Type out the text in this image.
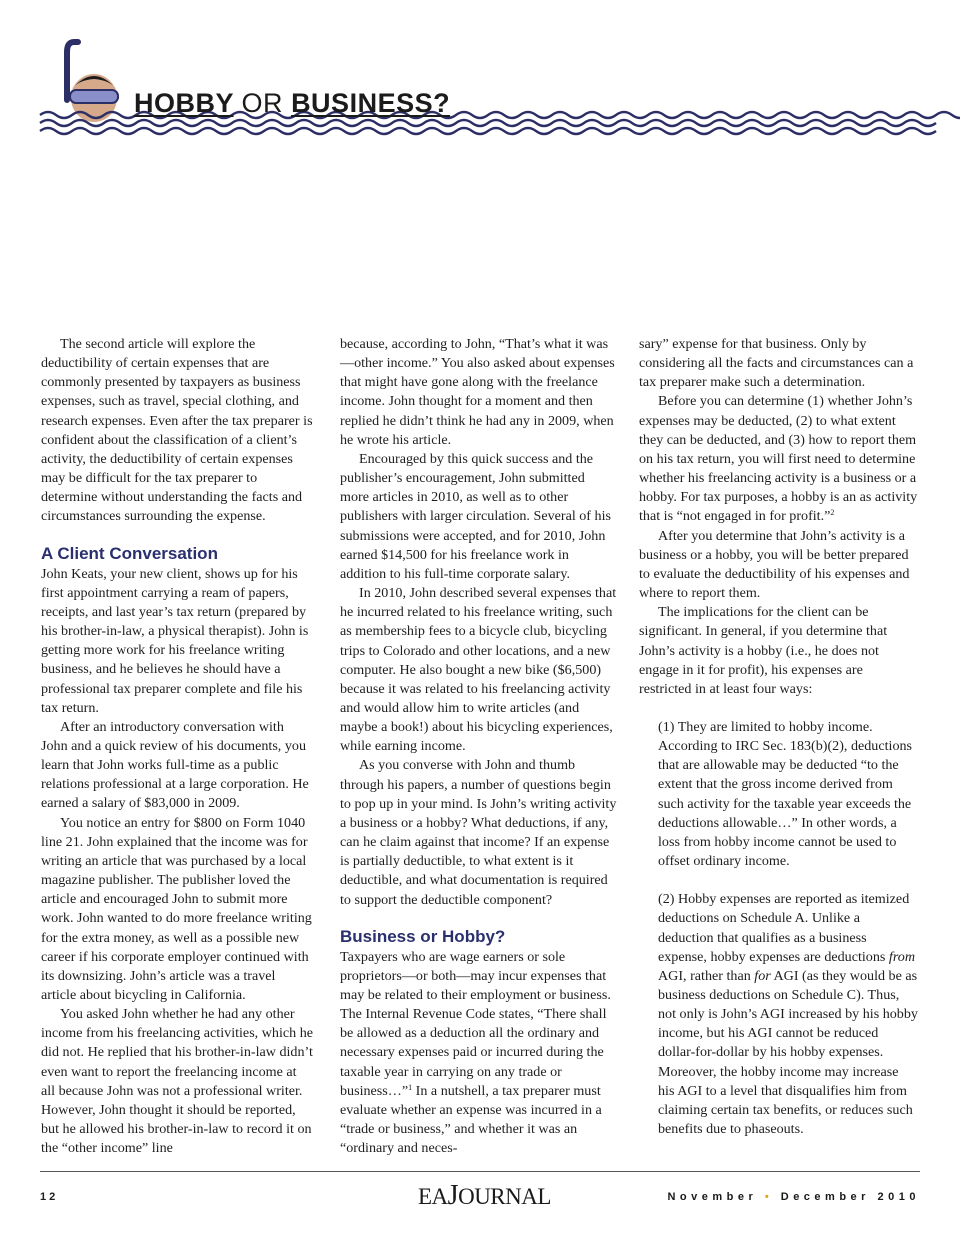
HOBBY OR BUSINESS?

The second article will explore the deductibility of certain expenses that are commonly presented by taxpayers as business expenses, such as travel, special clothing, and research expenses. Even after the tax preparer is confident about the classification of a client’s activity, the deductibility of certain expenses may be difficult for the tax preparer to determine without understanding the facts and circumstances surrounding the expense.

A Client Conversation

John Keats, your new client, shows up for his first appointment carrying a ream of papers, receipts, and last year’s tax return (prepared by his brother-in-law, a physical therapist). John is getting more work for his freelance writing business, and he believes he should have a professional tax preparer complete and file his tax return.

After an introductory conversation with John and a quick review of his documents, you learn that John works full-time as a public relations professional at a large corporation. He earned a salary of $83,000 in 2009.

You notice an entry for $800 on Form 1040 line 21. John explained that the income was for writing an article that was purchased by a local magazine publisher. The publisher loved the article and encouraged John to submit more work. John wanted to do more freelance writing for the extra money, as well as a possible new career if his corporate employer continued with its downsizing. John’s article was a travel article about bicycling in California.

You asked John whether he had any other income from his freelancing activities, which he did not. He replied that his brother-in-law didn’t even want to report the freelancing income at all because John was not a professional writer. However, John thought it should be reported, but he allowed his brother-in-law to record it on the “other income” line

because, according to John, “That’s what it was—other income.” You also asked about expenses that might have gone along with the freelance income. John thought for a moment and then replied he didn’t think he had any in 2009, when he wrote his article.

Encouraged by this quick success and the publisher’s encouragement, John submitted more articles in 2010, as well as to other publishers with larger circulation. Several of his submissions were accepted, and for 2010, John earned $14,500 for his freelance work in addition to his full-time corporate salary.

In 2010, John described several expenses that he incurred related to his freelance writing, such as membership fees to a bicycle club, bicycling trips to Colorado and other locations, and a new computer. He also bought a new bike ($6,500) because it was related to his freelancing activity and would allow him to write articles (and maybe a book!) about his bicycling experiences, while earning income.

As you converse with John and thumb through his papers, a number of questions begin to pop up in your mind. Is John’s writing activity a business or a hobby? What deductions, if any, can he claim against that income? If an expense is partially deductible, to what extent is it deductible, and what documentation is required to support the deductible component?

Business or Hobby?

Taxpayers who are wage earners or sole proprietors—or both—may incur expenses that may be related to their employment or business. The Internal Revenue Code states, “There shall be allowed as a deduction all the ordinary and necessary expenses paid or incurred during the taxable year in carrying on any trade or business…”$^1$ In a nutshell, a tax preparer must evaluate whether an expense was incurred in a “trade or business,” and whether it was an “ordinary and neces-

sary” expense for that business. Only by considering all the facts and circumstances can a tax preparer make such a determination.

Before you can determine (1) whether John’s expenses may be deducted, (2) to what extent they can be deducted, and (3) how to report them on his tax return, you will first need to determine whether his freelancing activity is a business or a hobby. For tax purposes, a hobby is an as activity that is “not engaged in for profit.”$^2$

After you determine that John’s activity is a business or a hobby, you will be better prepared to evaluate the deductibility of his expenses and where to report them.

The implications for the client can be significant. In general, if you determine that John’s activity is a hobby (i.e., he does not engage in it for profit), his expenses are restricted in at least four ways:

(1) They are limited to hobby income. According to IRC Sec. 183(b)(2), deductions that are allowable may be deducted “to the extent that the gross income derived from such activity for the taxable year exceeds the deductions allowable…” In other words, a loss from hobby income cannot be used to offset ordinary income.

(2) Hobby expenses are reported as itemized deductions on Schedule A. Unlike a deduction that qualifies as a business expense, hobby expenses are deductions from AGI, rather than for AGI (as they would be as business deductions on Schedule C). Thus, not only is John’s AGI increased by his hobby income, but his AGI cannot be reduced dollar-for-dollar by his hobby expenses. Moreover, the hobby income may increase his AGI to a level that disqualifies him from claiming certain tax benefits, or reduces such benefits due to phaseouts.

12	EAJOURNAL	November • December 2010
